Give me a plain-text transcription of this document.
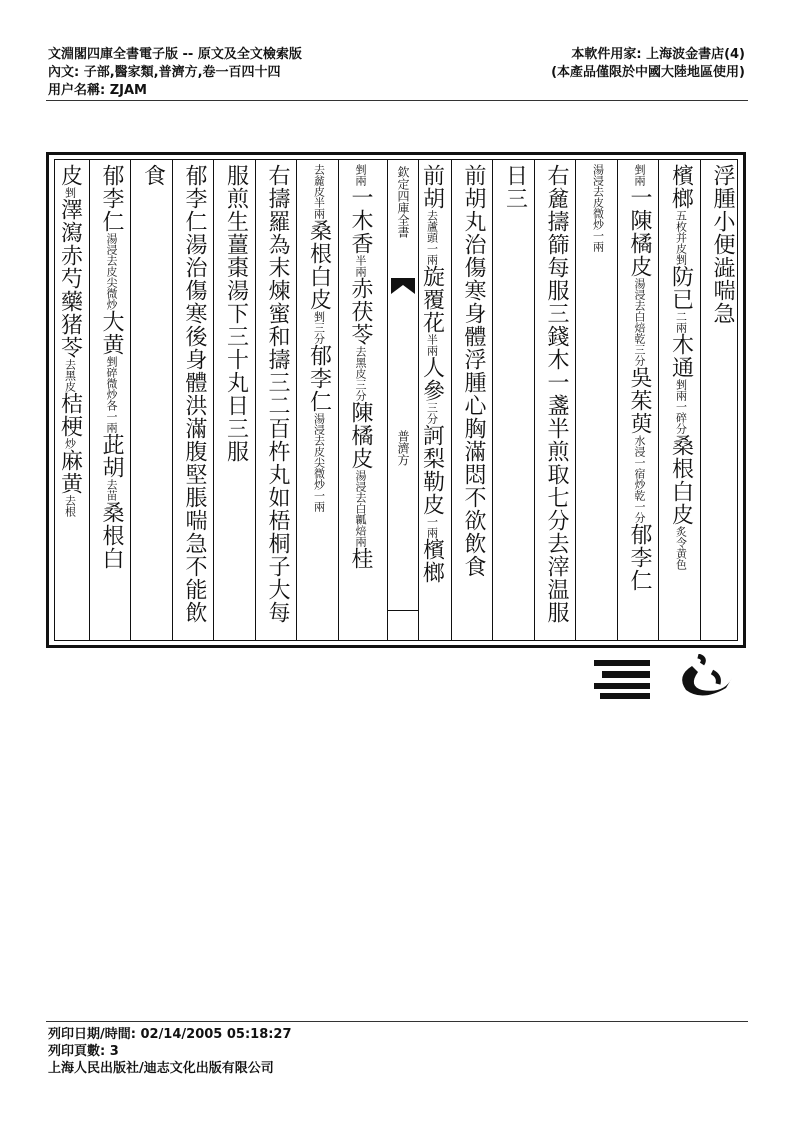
文淵閣四庫全書電子版 -- 原文及全文檢索版
內文: 子部,醫家類,普濟方,卷一百四十四
用户名稱: ZJAM
本軟件用家: 上海波金書店(4)
(本產品僅限於中國大陸地區使用)
浮腫小便澁喘急
檳榔五枚并皮剉防已二兩木通剉兩一碎分桑根白皮炙令黄色
剉兩一陳橘皮湯浸去白焙乾三分吳茱萸水浸一宿炒乾一分郁李仁
湯浸去皮微炒一兩
右麄擣篩每服三錢木一盞半煎取七分去滓温服
日三
前胡丸治傷寒身體浮腫心胸滿悶不欲飲食
前胡去蘆頭一兩旋覆花半兩人參三分訶梨勒皮一兩檳榔
剉兩一木香半兩赤茯苓去黑皮三分陳橘皮湯浸去白瓤焙兩桂
去麄皮半兩桑根白皮剉三分郁李仁湯浸去皮尖微炒一兩
右擣羅為末煉蜜和擣三二百杵丸如梧桐子大每
服煎生薑棗湯下三十丸日三服
郁李仁湯治傷寒後身體洪滿腹堅脹喘急不能飲
食
郁李仁湯浸去皮尖微炒大黄剉碎微炒各一兩茈胡去苗桑根白
皮剉澤瀉赤芍藥猪苓去黑皮桔梗炒麻黄去根
欽定四庫全書
普濟方
列印日期/時間: 02/14/2005 05:18:27
列印頁數: 3
上海人民出版社/迪志文化出版有限公司
